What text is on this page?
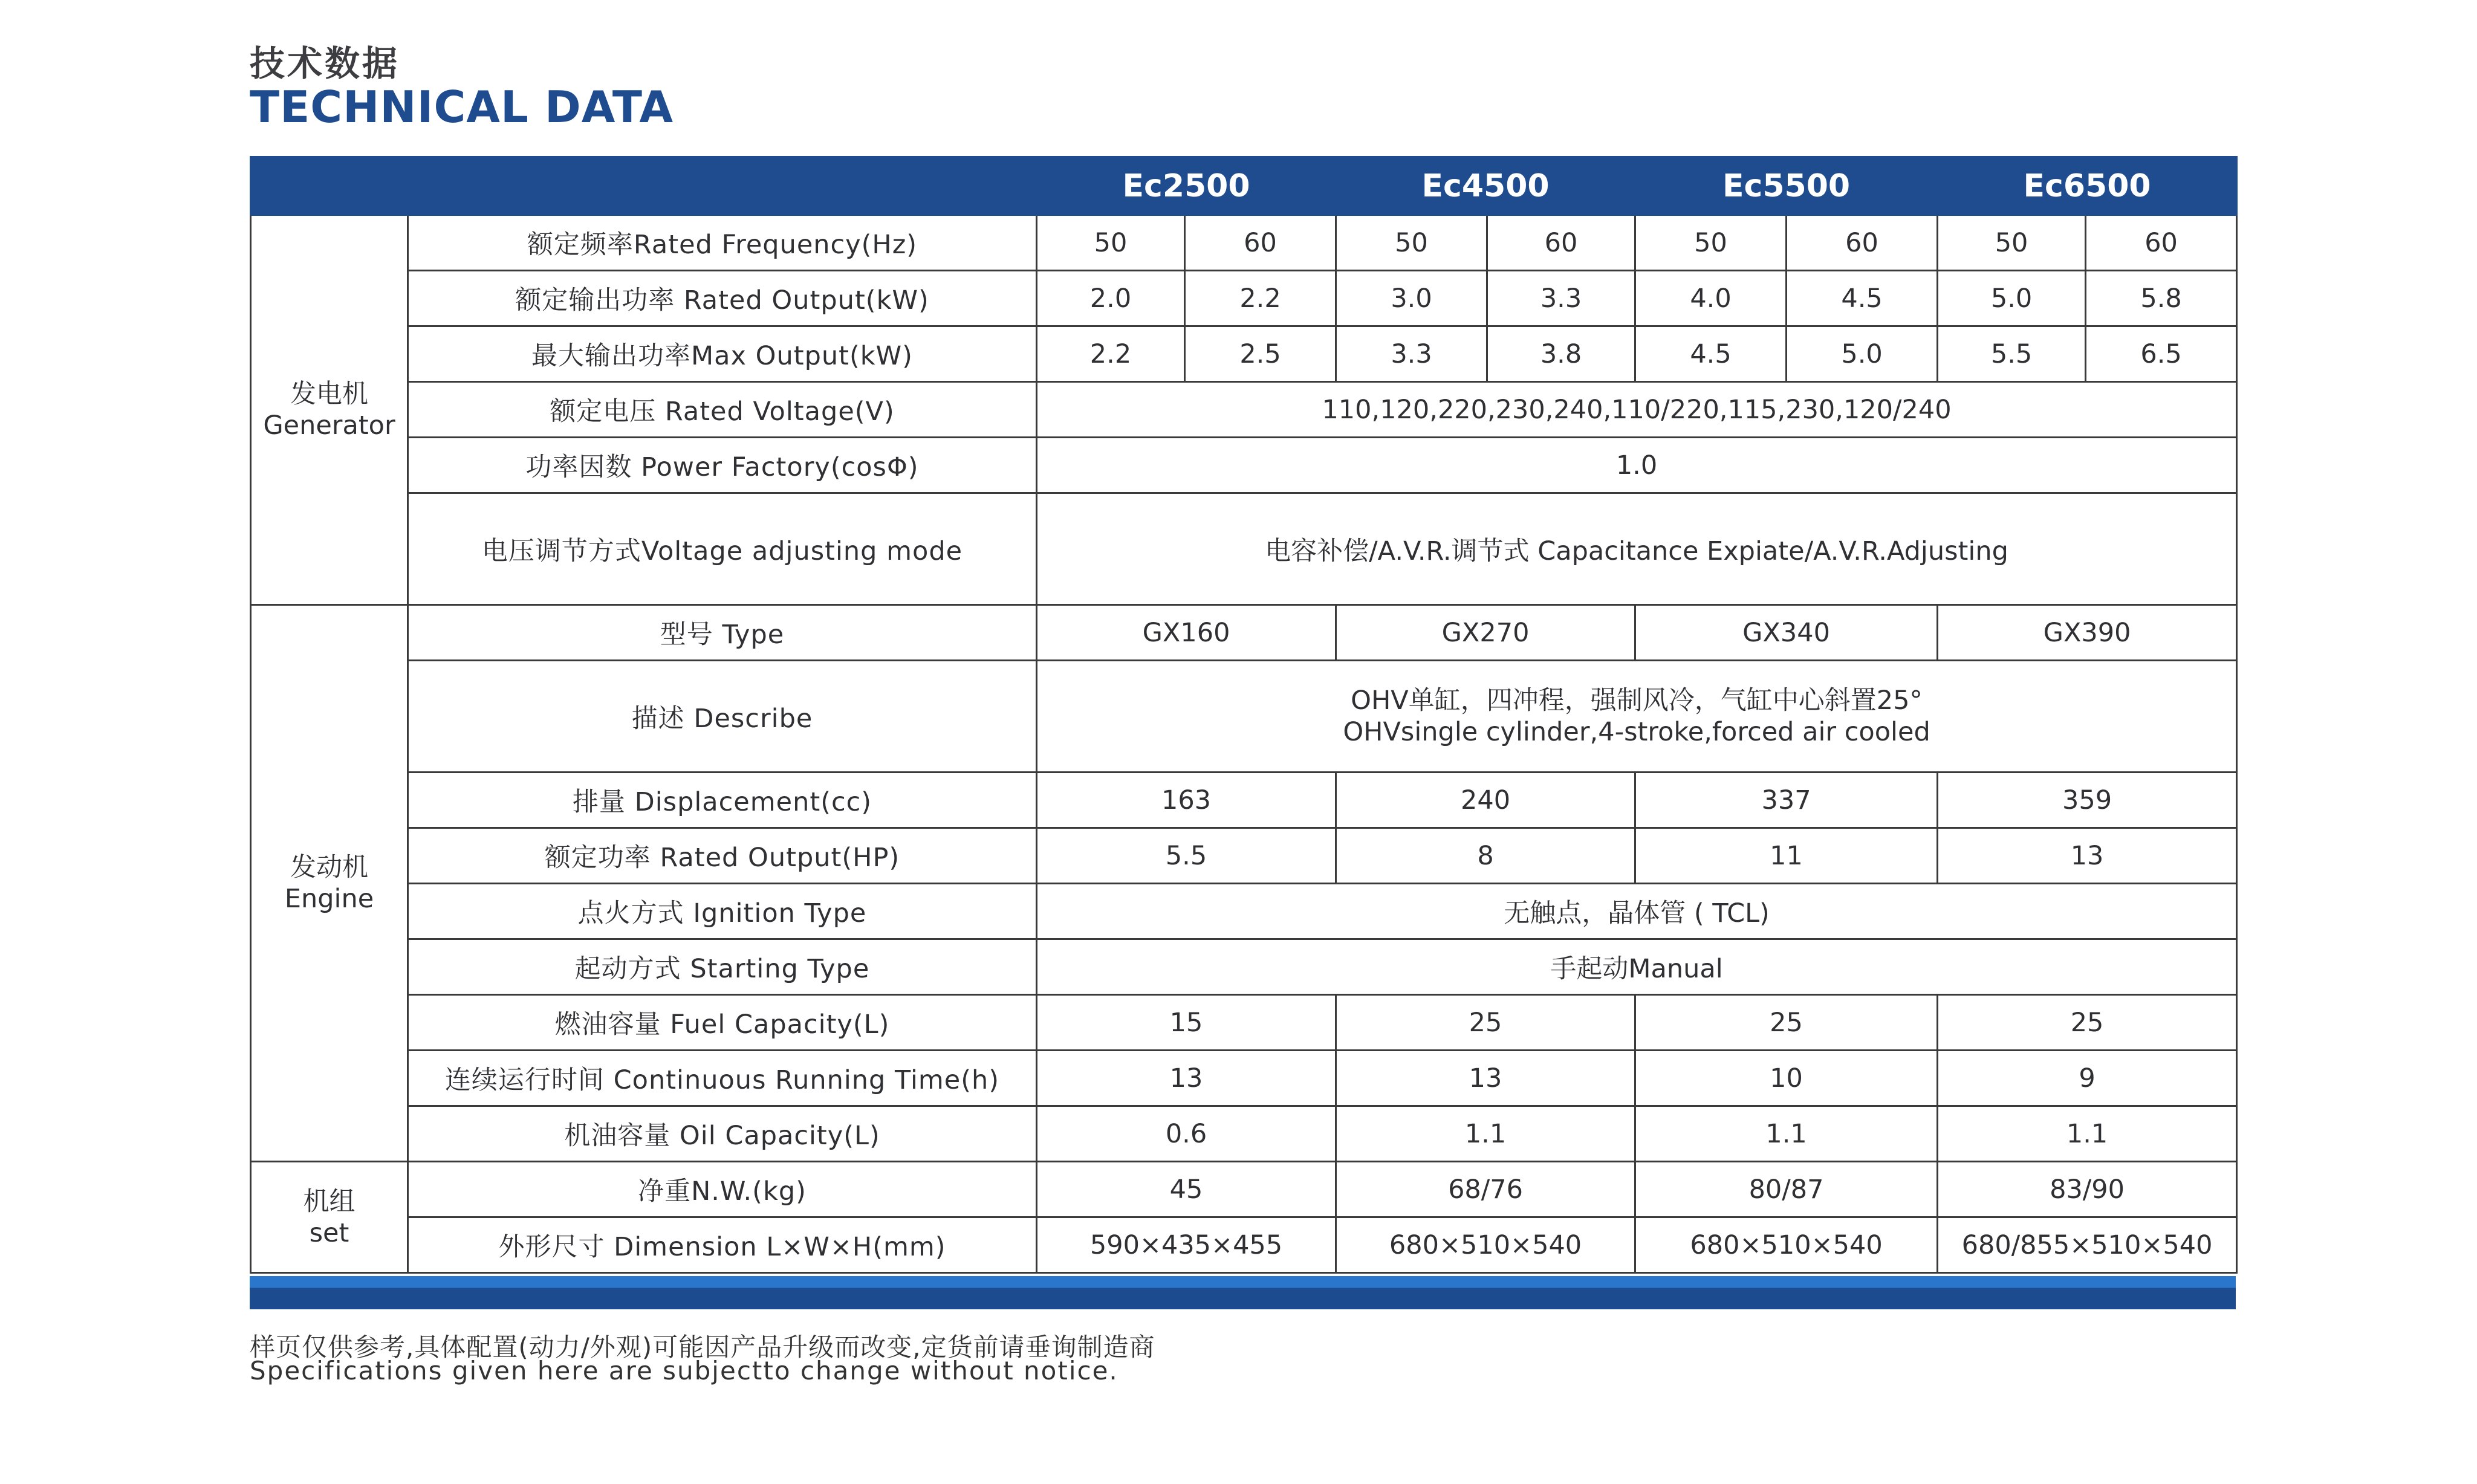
技术数据
TECHNICAL DATA
		Ec2500		Ec4500		Ec5500		Ec6500	

发电机
Generator	额定频率Rated Frequency(Hz)	50	60	50	60	50	60	50	60
	额定输出功率 Rated Output(kW)	2.0	2.2	3.0	3.3	4.0	4.5	5.0	5.8
	最大输出功率Max Output(kW)	2.2	2.5	3.3	3.8	4.5	5.0	5.5	6.5
	额定电压 Rated Voltage(V)	110,120,220,230,240,110/220,115,230,120/240							
	功率因数 Power Factory(cosΦ)	1.0							
	电压调节方式Voltage adjusting mode	电容补偿/A.V.R.调节式 Capacitance Expiate/A.V.R.Adjusting							

发动机
Engine	型号 Type	GX160		GX270		GX340		GX390	
	描述 Describe	OHV单缸，四冲程，强制风冷，气缸中心斜置25°
OHVsingle cylinder,4-stroke,forced air cooled							

	排量 Displacement(cc)	163		240		337		359	
	额定功率 Rated Output(HP)	5.5		8		11		13	
	点火方式 Ignition Type	无触点，晶体管 ( TCL)							
	起动方式 Starting Type	手起动Manual							
	燃油容量 Fuel Capacity(L)	15		25		25		25	
	连续运行时间 Continuous Running Time(h)	13		13		10		9	
	机油容量 Oil Capacity(L)	0.6		1.1		1.1		1.1	

机组
set	净重N.W.(kg)	45		68/76		80/87		83/90	
	外形尺寸 Dimension L×W×H(mm)	590×435×455		680×510×540		680×510×540		680/855×510×540	
样页仅供参考,具体配置(动力/外观)可能因产品升级而改变,定货前请垂询制造商
Specifications given here are subjectto change without notice.
